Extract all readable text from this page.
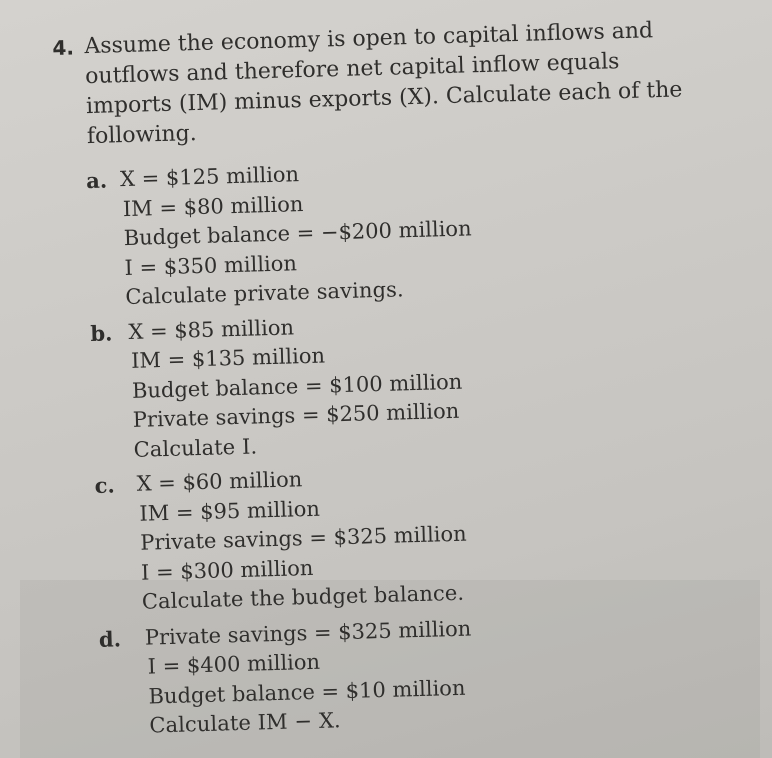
4. Assume the economy is open to capital inflows and
outflows and therefore net capital inflow equals
imports (IM) minus exports (X). Calculate each of the
following.
a. X = $125 million
IM = $80 million
Budget balance = −$200 million
I = $350 million
Calculate private savings.
b. X = $85 million
IM = $135 million
Budget balance = $100 million
Private savings = $250 million
Calculate I.
c.	X = $60 million
IM = $95 million
Private savings = $325 million
I = $300 million
Calculate the budget balance.
d.	Private savings = $325 million
I = $400 million
Budget balance = $10 million
Calculate IM − X.
